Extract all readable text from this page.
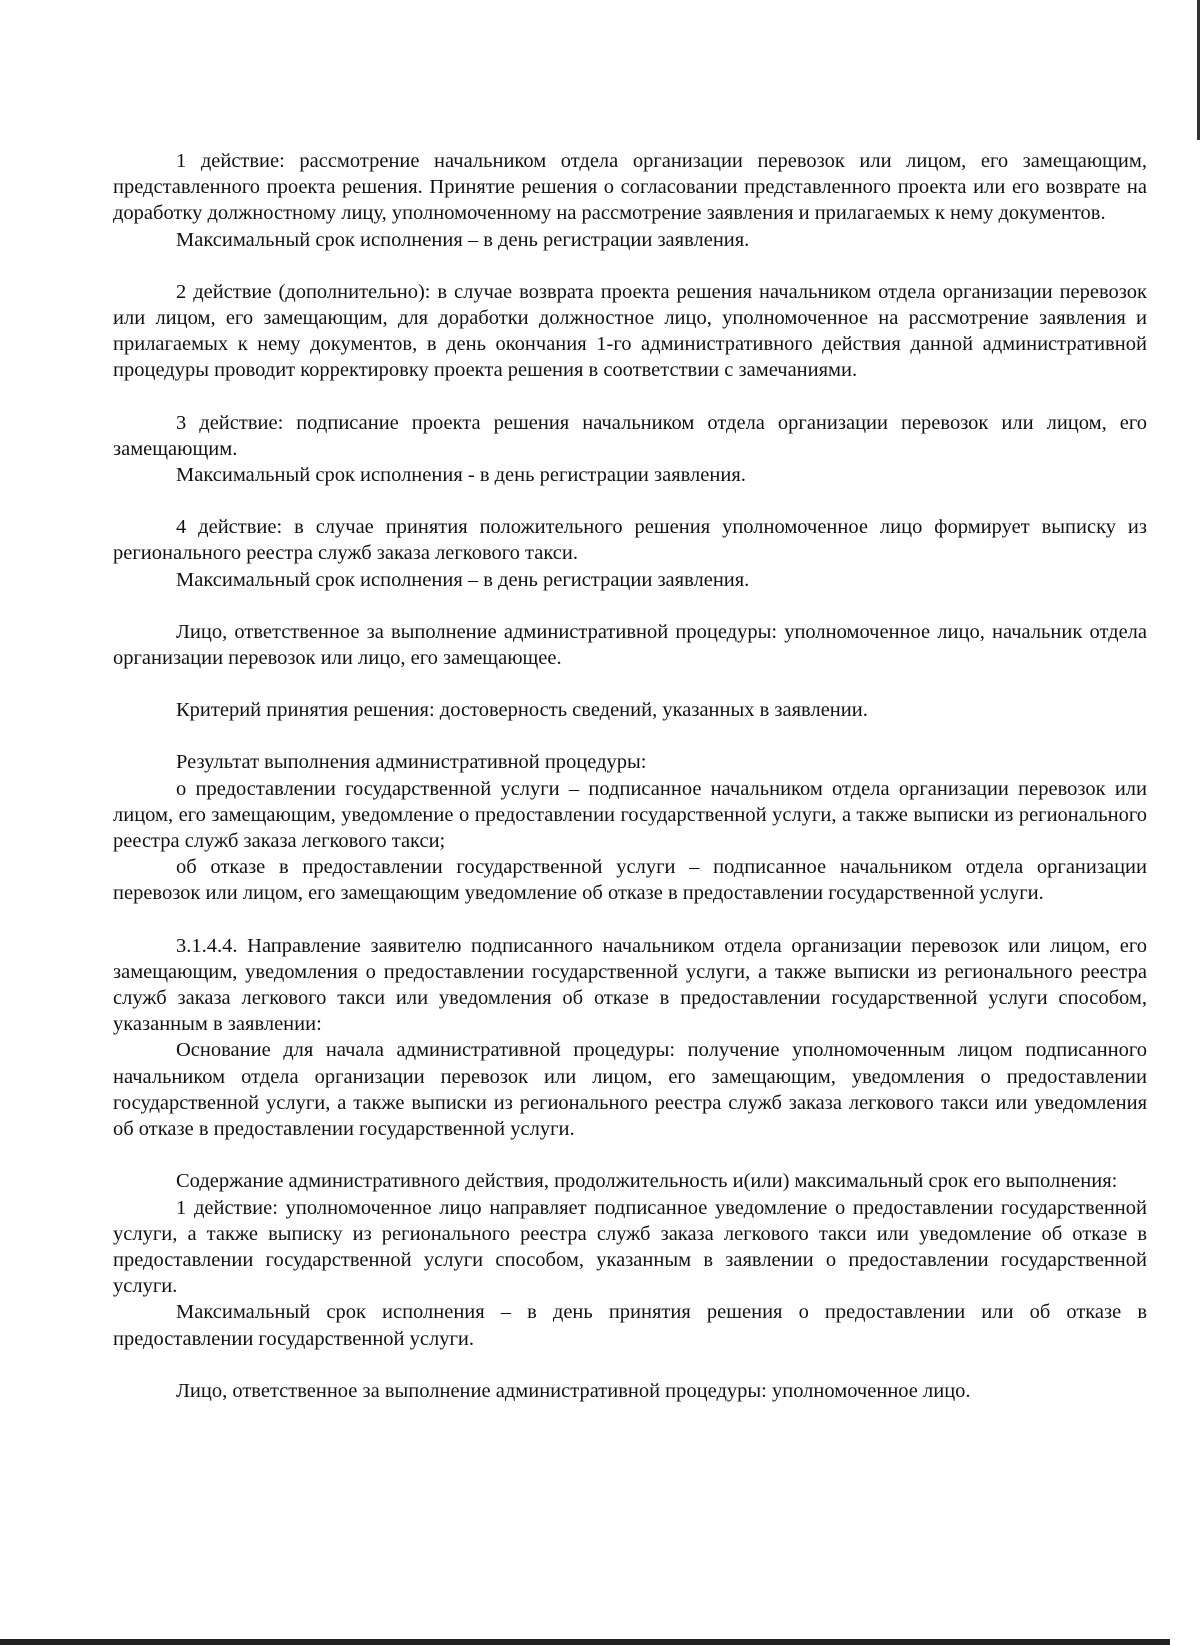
1 действие: рассмотрение начальником отдела организации перевозок или лицом, его замещающим, представленного проекта решения. Принятие решения о согласовании представленного проекта или его возврате на доработку должностному лицу, уполномоченному на рассмотрение заявления и прилагаемых к нему документов.

Максимальный срок исполнения – в день регистрации заявления.

2 действие (дополнительно): в случае возврата проекта решения начальником отдела организации перевозок или лицом, его замещающим, для доработки должностное лицо, уполномоченное на рассмотрение заявления и прилагаемых к нему документов, в день окончания 1-го административного действия данной административной процедуры проводит корректировку проекта решения в соответствии с замечаниями.

3 действие: подписание проекта решения начальником отдела организации перевозок или лицом, его замещающим.

Максимальный срок исполнения - в день регистрации заявления.

4 действие: в случае принятия положительного решения уполномоченное лицо формирует выписку из регионального реестра служб заказа легкового такси.

Максимальный срок исполнения – в день регистрации заявления.

Лицо, ответственное за выполнение административной процедуры: уполномоченное лицо, начальник отдела организации перевозок или лицо, его замещающее.

Критерий принятия решения: достоверность сведений, указанных в заявлении.

Результат выполнения административной процедуры:

о предоставлении государственной услуги – подписанное начальником отдела организации перевозок или лицом, его замещающим, уведомление о предоставлении государственной услуги, а также выписки из регионального реестра служб заказа легкового такси;

об отказе в предоставлении государственной услуги – подписанное начальником отдела организации перевозок или лицом, его замещающим уведомление об отказе в предоставлении государственной услуги.

3.1.4.4. Направление заявителю подписанного начальником отдела организации перевозок или лицом, его замещающим, уведомления о предоставлении государственной услуги, а также выписки из регионального реестра служб заказа легкового такси или уведомления об отказе в предоставлении государственной услуги способом, указанным в заявлении:

Основание для начала административной процедуры: получение уполномоченным лицом подписанного начальником отдела организации перевозок или лицом, его замещающим, уведомления о предоставлении государственной услуги, а также выписки из регионального реестра служб заказа легкового такси или уведомления об отказе в предоставлении государственной услуги.

Содержание административного действия, продолжительность и(или) максимальный срок его выполнения:

1 действие: уполномоченное лицо направляет подписанное уведомление о предоставлении государственной услуги, а также выписку из регионального реестра служб заказа легкового такси или уведомление об отказе в предоставлении государственной услуги способом, указанным в заявлении о предоставлении государственной услуги.

Максимальный срок исполнения – в день принятия решения о предоставлении или об отказе в предоставлении государственной услуги.

Лицо, ответственное за выполнение административной процедуры: уполномоченное лицо.
